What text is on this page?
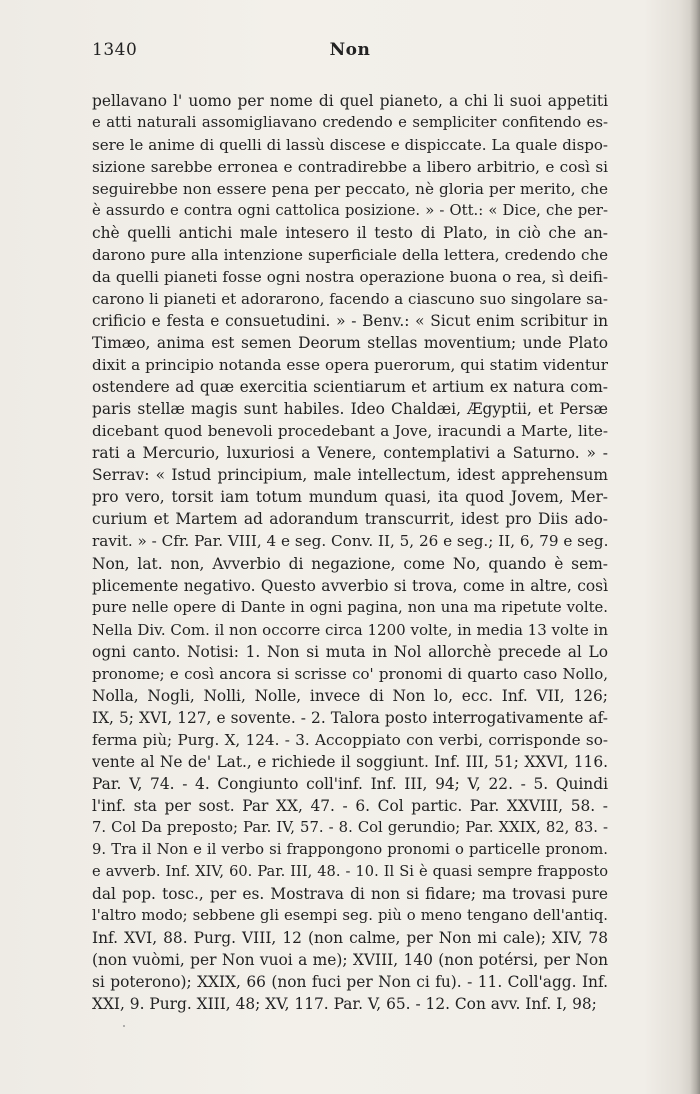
1340	Non
pellavano l' uomo per nome di quel pianeto, a chi li suoi appetiti
e atti naturali assomigliavano credendo e sempliciter confitendo es-
sere le anime di quelli di lassù discese e dispiccate. La quale dispo-
sizione sarebbe erronea e contradirebbe a libero arbitrio, e così si
seguirebbe non essere pena per peccato, nè gloria per merito, che
è assurdo e contra ogni cattolica posizione. » - Ott.: « Dice, che per-
chè quelli antichi male intesero il testo di Plato, in ciò che an-
darono pure alla intenzione superficiale della lettera, credendo che
da quelli pianeti fosse ogni nostra operazione buona o rea, sì deifi-
carono li pianeti et adorarono, facendo a ciascuno suo singolare sa-
crificio e festa e consuetudini. » - Benv.: « Sicut enim scribitur in
Timæo, anima est semen Deorum stellas moventium; unde Plato
dixit a principio notanda esse opera puerorum, qui statim videntur
ostendere ad quæ exercitia scientiarum et artium ex natura com-
paris stellæ magis sunt habiles. Ideo Chaldæi, Ægyptii, et Persæ
dicebant quod benevoli procedebant a Jove, iracundi a Marte, lite-
rati a Mercurio, luxuriosi a Venere, contemplativi a Saturno. » -
Serrav: « Istud principium, male intellectum, idest apprehensum
pro vero, torsit iam totum mundum quasi, ita quod Jovem, Mer-
curium et Martem ad adorandum transcurrit, idest pro Diis ado-
ravit. » - Cfr. Par. VIII, 4 e seg. Conv. II, 5, 26 e seg.; II, 6, 79 e seg.
Non, lat. non, Avverbio di negazione, come No, quando è sem-
plicemente negativo. Questo avverbio si trova, come in altre, così
pure nelle opere di Dante in ogni pagina, non una ma ripetute volte.
Nella Div. Com. il non occorre circa 1200 volte, in media 13 volte in
ogni canto. Notisi: 1. Non si muta in Nol allorchè precede al Lo
pronome; e così ancora si scrisse co' pronomi di quarto caso Nollo,
Nolla, Nogli, Nolli, Nolle, invece di Non lo, ecc. Inf. VII, 126;
IX, 5; XVI, 127, e sovente. - 2. Talora posto interrogativamente af-
ferma più; Purg. X, 124. - 3. Accoppiato con verbi, corrisponde so-
vente al Ne de' Lat., e richiede il soggiunt. Inf. III, 51; XXVI, 116.
Par. V, 74. - 4. Congiunto coll'inf. Inf. III, 94; V, 22. - 5. Quindi
l'inf. sta per sost. Par XX, 47. - 6. Col partic. Par. XXVIII, 58. -
7. Col Da preposto; Par. IV, 57. - 8. Col gerundio; Par. XXIX, 82, 83. -
9. Tra il Non e il verbo si frappongono pronomi o particelle pronom.
e avverb. Inf. XIV, 60. Par. III, 48. - 10. Il Si è quasi sempre frapposto
dal pop. tosc., per es. Mostrava di non si fidare; ma trovasi pure
l'altro modo; sebbene gli esempi seg. più o meno tengano dell'antiq.
Inf. XVI, 88. Purg. VIII, 12 (non calme, per Non mi cale); XIV, 78
(non vuòmi, per Non vuoi a me); XVIII, 140 (non potérsi, per Non
si poterono); XXIX, 66 (non fuci per Non ci fu). - 11. Coll'agg. Inf.
XXI, 9. Purg. XIII, 48; XV, 117. Par. V, 65. - 12. Con avv. Inf. I, 98;
